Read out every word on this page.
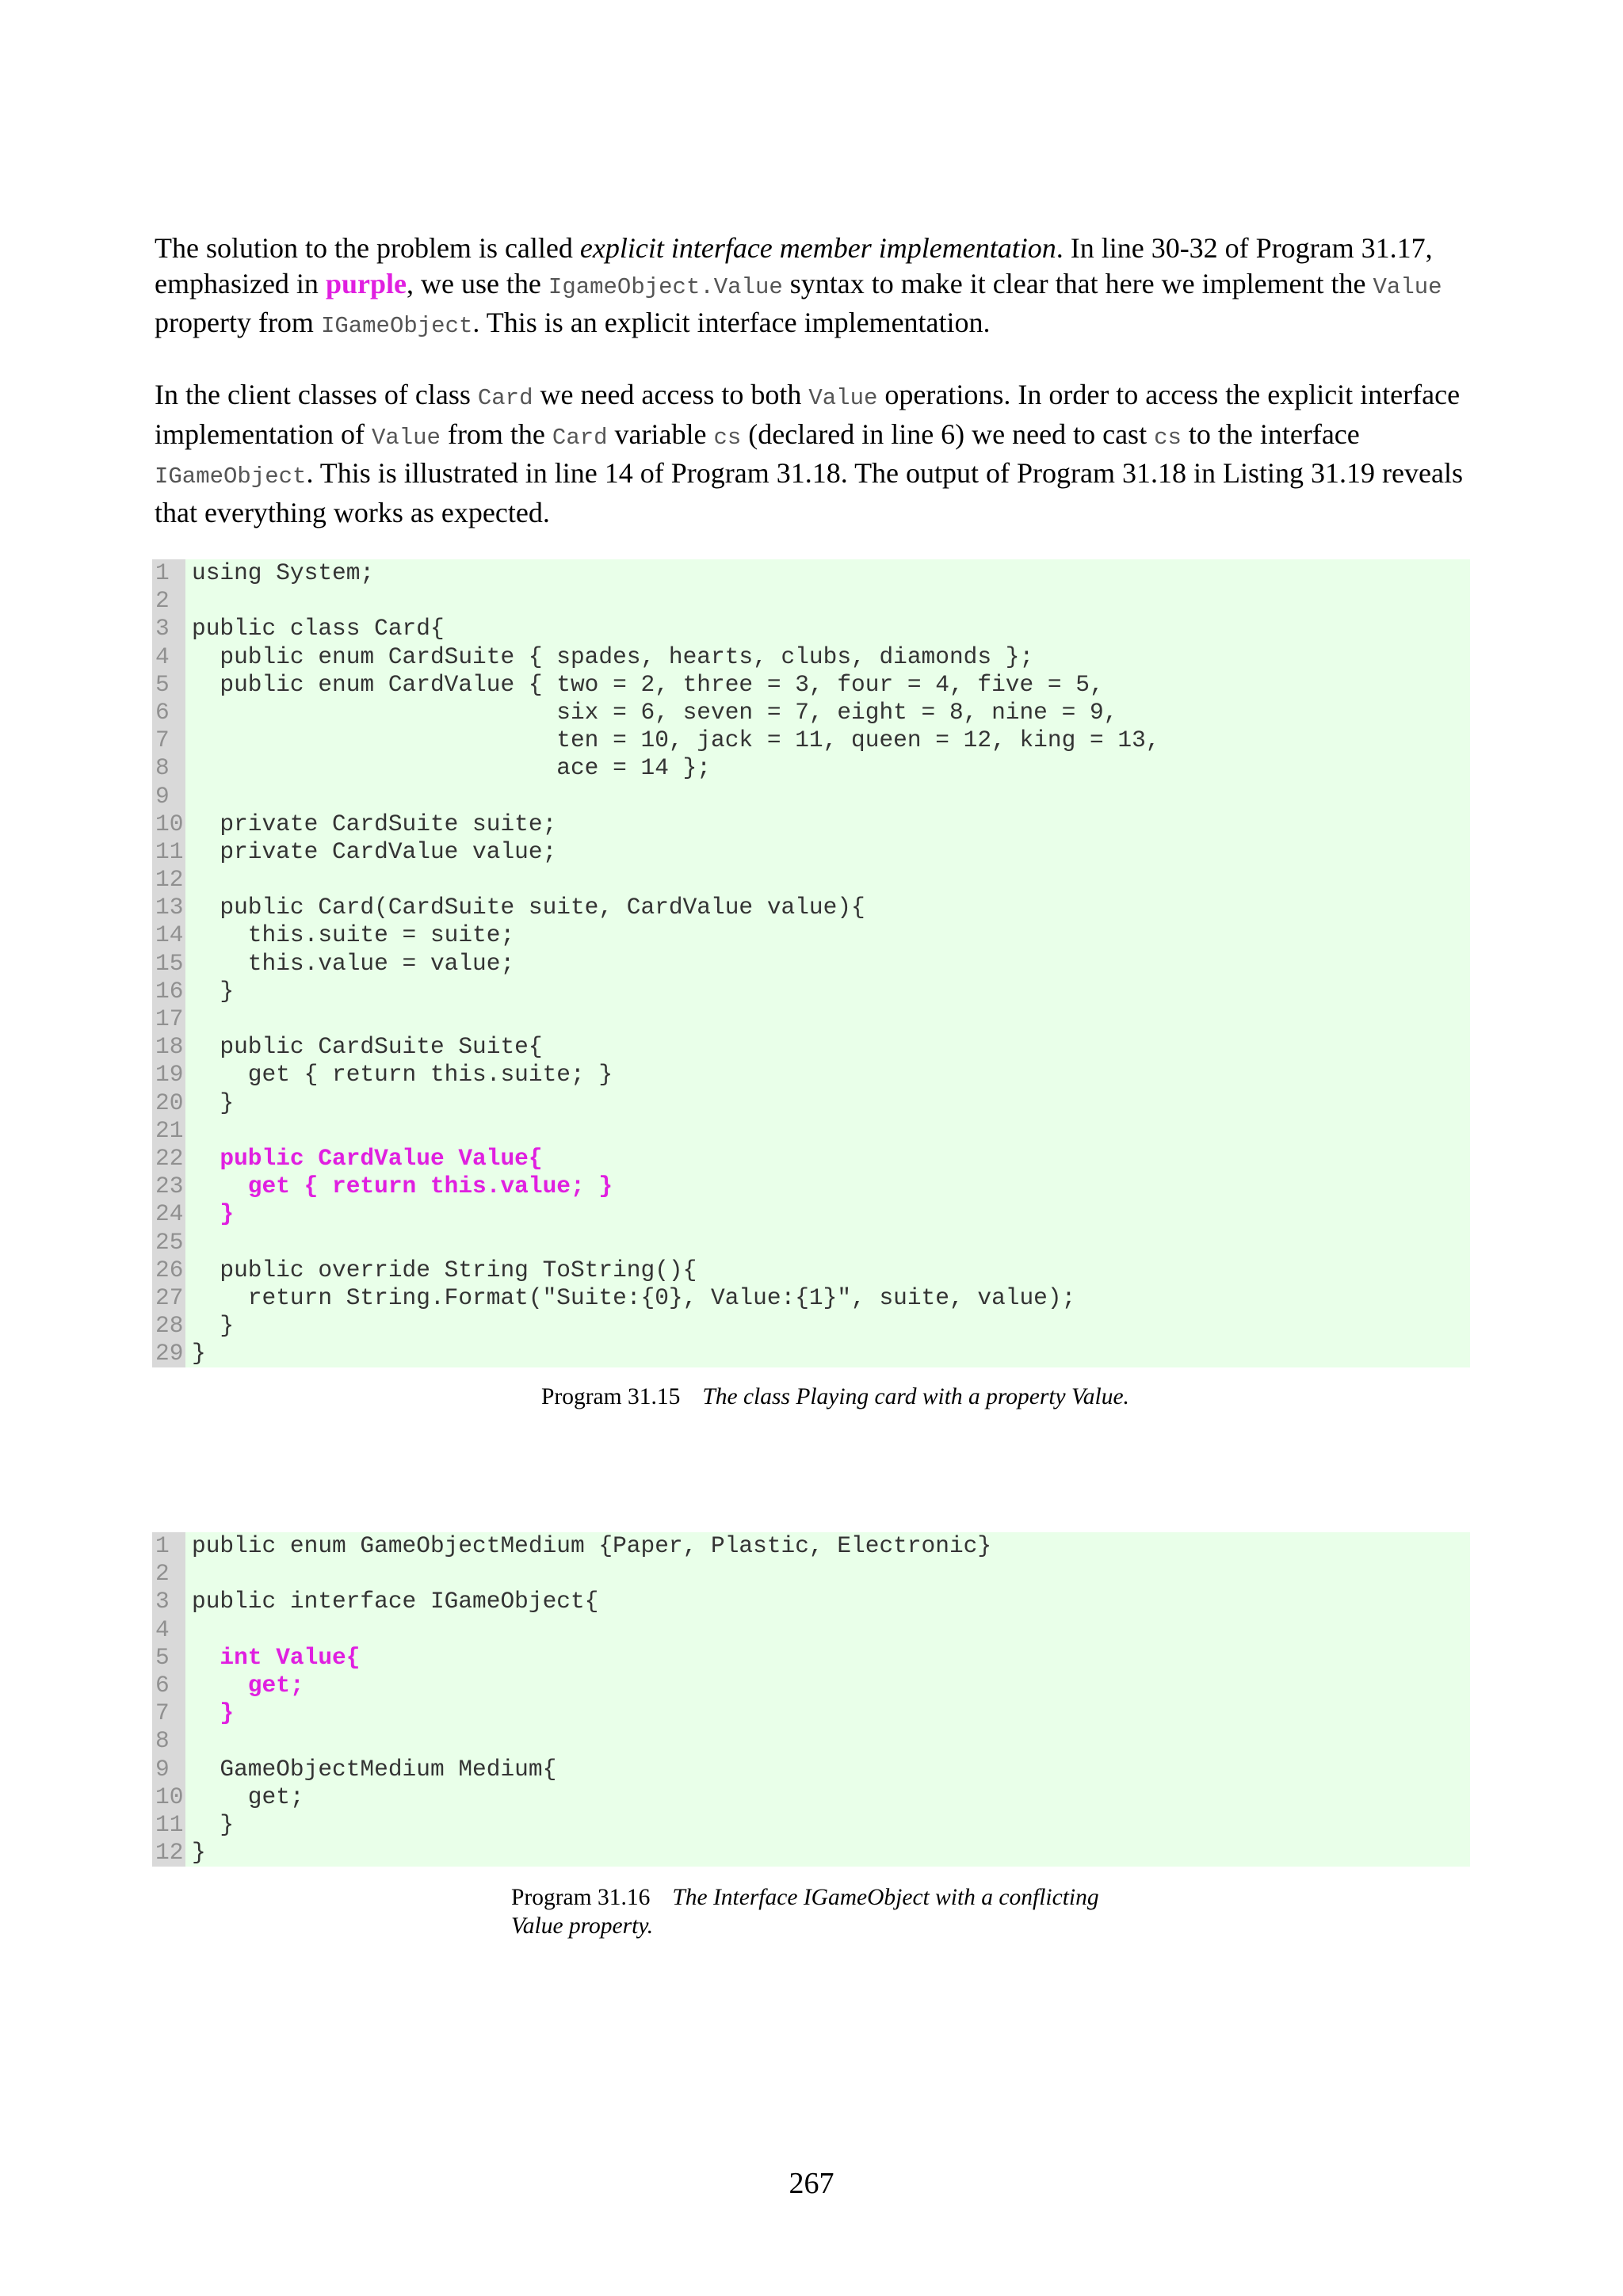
The solution to the problem is called explicit interface member implementation. In line 30-32 of Program 31.17, emphasized in purple, we use the IgameObject.Value syntax to make it clear that here we implement the Value property from IGameObject. This is an explicit interface implementation.

In the client classes of class Card we need access to both Value operations. In order to access the explicit interface implementation of Value from the Card variable cs (declared in line 6) we need to cast cs to the interface IGameObject. This is illustrated in line 14 of Program 31.18. The output of Program 31.18 in Listing 31.19 reveals that everything works as expected.

1 using System;
2
3 public class Card{
4 public enum CardSuite { spades, hearts, clubs, diamonds };
5 public enum CardValue { two = 2, three = 3, four = 4, five = 5,
6 six = 6, seven = 7, eight = 8, nine = 9,
7 ten = 10, jack = 11, queen = 12, king = 13,
8 ace = 14 };
9
10 private CardSuite suite;
11 private CardValue value;
12
13 public Card(CardSuite suite, CardValue value){
14 this.suite = suite;
15 this.value = value;
16 }
17
18 public CardSuite Suite{
19 get { return this.suite; }
20 }
21
22 public CardValue Value{
23 get { return this.value; }
24 }
25
26 public override String ToString(){
27 return String.Format("Suite:{0}, Value:{1}", suite, value);
28 }
29 }
Program 31.15 The class Playing card with a property Value.
1 public enum GameObjectMedium {Paper, Plastic, Electronic}
2
3 public interface IGameObject{
4
5 int Value{
6 get;
7 }
8
9 GameObjectMedium Medium{
10 get;
11 }
12 }
Program 31.16 The Interface IGameObject with a conflicting Value property.
267
